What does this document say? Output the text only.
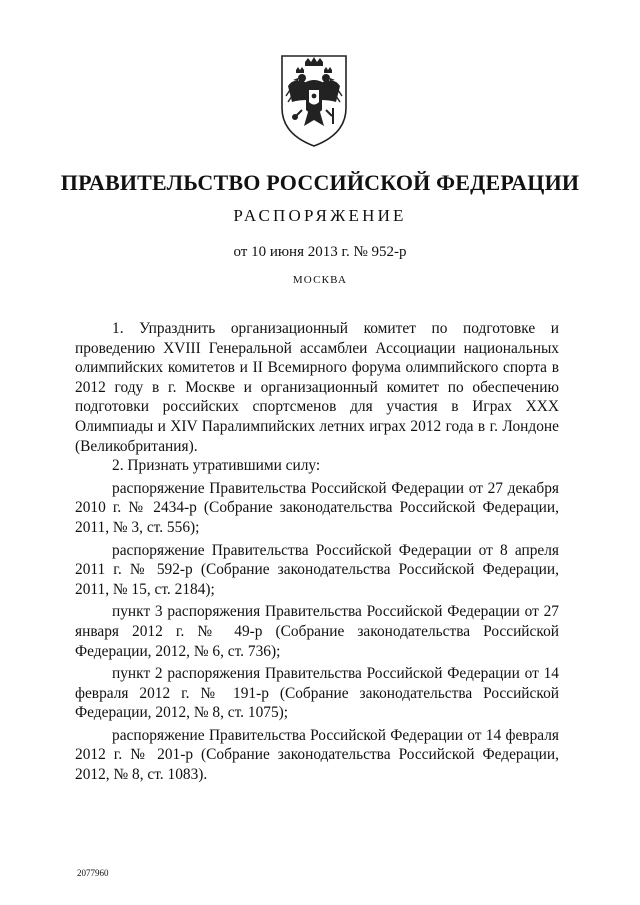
ПРАВИТЕЛЬСТВО РОССИЙСКОЙ ФЕДЕРАЦИИ
РАСПОРЯЖЕНИЕ
от 10 июня 2013 г. № 952-р
МОСКВА

1. Упразднить организационный комитет по подготовке и проведению XVIII Генеральной ассамблеи Ассоциации национальных олимпийских комитетов и II Всемирного форума олимпийского спорта в 2012 году в г. Москве и организационный комитет по обеспечению подготовки российских спортсменов для участия в Играх XXX Олимпиады и XIV Паралимпийских летних играх 2012 года в г. Лондоне (Великобритания).

2. Признать утратившими силу:

распоряжение Правительства Российской Федерации от 27 декабря 2010 г. № 2434-р (Собрание законодательства Российской Федерации, 2011, № 3, ст. 556);

распоряжение Правительства Российской Федерации от 8 апреля 2011 г. № 592-р (Собрание законодательства Российской Федерации, 2011, № 15, ст. 2184);

пункт 3 распоряжения Правительства Российской Федерации от 27 января 2012 г. № 49-р (Собрание законодательства Российской Федерации, 2012, № 6, ст. 736);

пункт 2 распоряжения Правительства Российской Федерации от 14 февраля 2012 г. № 191-р (Собрание законодательства Российской Федерации, 2012, № 8, ст. 1075);

распоряжение Правительства Российской Федерации от 14 февраля 2012 г. № 201-р (Собрание законодательства Российской Федерации, 2012, № 8, ст. 1083).

2077960
